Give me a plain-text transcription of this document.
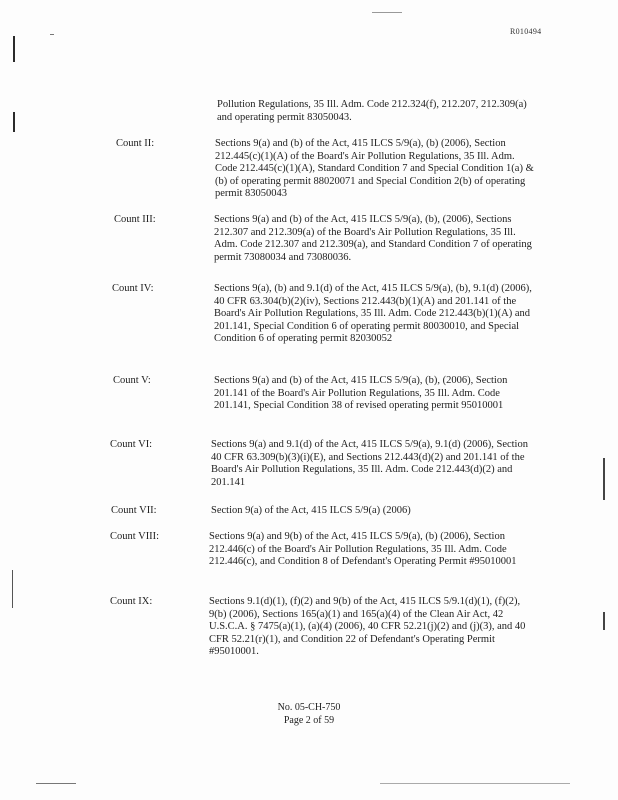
R010494
Pollution Regulations, 35 Ill. Adm. Code 212.324(f), 212.207, 212.309(a) and operating permit 83050043.
Count II:	Sections 9(a) and (b) of the Act, 415 ILCS 5/9(a), (b) (2006), Section 212.445(c)(1)(A) of the Board's Air Pollution Regulations, 35 Ill. Adm. Code 212.445(c)(1)(A), Standard Condition 7 and Special Condition 1(a) & (b) of operating permit 88020071 and Special Condition 2(b) of operating permit 83050043
Count III:	Sections 9(a) and (b) of the Act, 415 ILCS 5/9(a), (b), (2006), Sections 212.307 and 212.309(a) of the Board's Air Pollution Regulations, 35 Ill. Adm. Code 212.307 and 212.309(a), and Standard Condition 7 of operating permit 73080034 and 73080036.
Count IV:	Sections 9(a), (b) and 9.1(d) of the Act, 415 ILCS 5/9(a), (b), 9.1(d) (2006), 40 CFR 63.304(b)(2)(iv), Sections 212.443(b)(1)(A) and 201.141 of the Board's Air Pollution Regulations, 35 Ill. Adm. Code 212.443(b)(1)(A) and 201.141, Special Condition 6 of operating permit 80030010, and Special Condition 6 of operating permit 82030052
Count V:	Sections 9(a) and (b) of the Act, 415 ILCS 5/9(a), (b), (2006), Section 201.141 of the Board's Air Pollution Regulations, 35 Ill. Adm. Code 201.141, Special Condition 38 of revised operating permit 95010001
Count VI:	Sections 9(a) and 9.1(d) of the Act, 415 ILCS 5/9(a), 9.1(d) (2006), Section 40 CFR 63.309(b)(3)(i)(E), and Sections 212.443(d)(2) and 201.141 of the Board's Air Pollution Regulations, 35 Ill. Adm. Code 212.443(d)(2) and 201.141
Count VII:	Section 9(a) of the Act, 415 ILCS 5/9(a) (2006)
Count VIII:	Sections 9(a) and 9(b) of the Act, 415 ILCS 5/9(a), (b) (2006), Section 212.446(c) of the Board's Air Pollution Regulations, 35 Ill. Adm. Code 212.446(c), and Condition 8 of Defendant's Operating Permit #95010001
Count IX:	Sections 9.1(d)(1), (f)(2) and 9(b) of the Act, 415 ILCS 5/9.1(d)(1), (f)(2), 9(b) (2006), Sections 165(a)(1) and 165(a)(4) of the Clean Air Act, 42 U.S.C.A. § 7475(a)(1), (a)(4) (2006), 40 CFR 52.21(j)(2) and (j)(3), and 40 CFR 52.21(r)(1), and Condition 22 of Defendant's Operating Permit #95010001.
No. 05-CH-750
Page 2 of 59
